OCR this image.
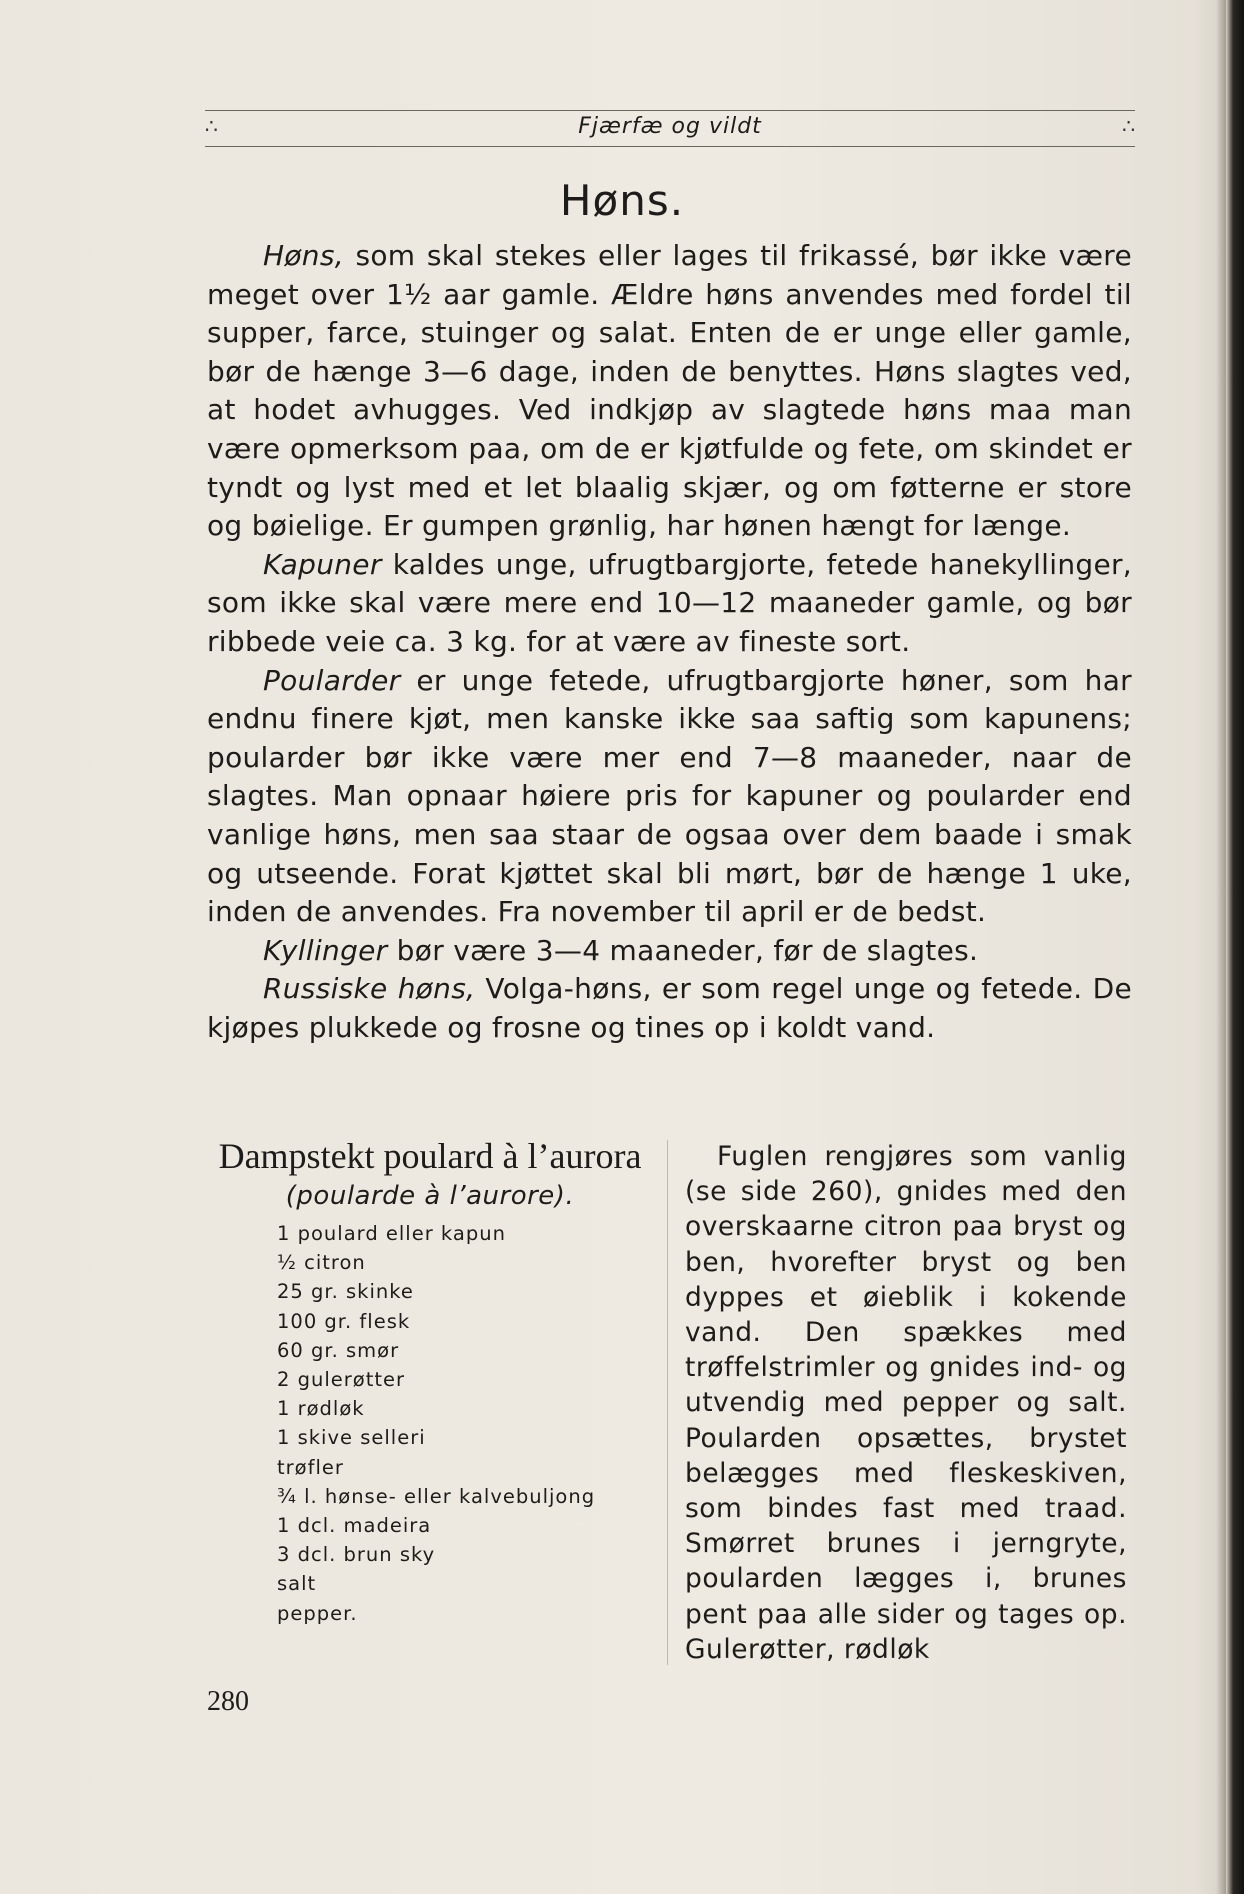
∴	Fjærfæ og vildt	∴
Høns.

Høns, som skal stekes eller lages til frikassé, bør ikke være meget over 1½ aar gamle. Ældre høns anvendes med fordel til supper, farce, stuinger og salat. Enten de er unge eller gamle, bør de hænge 3—6 dage, inden de benyttes. Høns slagtes ved, at hodet avhugges. Ved indkjøp av slagtede høns maa man være opmerksom paa, om de er kjøtfulde og fete, om skindet er tyndt og lyst med et let blaalig skjær, og om føtterne er store og bøielige. Er gumpen grønlig, har hønen hængt for længe.

Kapuner kaldes unge, ufrugtbargjorte, fetede hanekyllinger, som ikke skal være mere end 10—12 maaneder gamle, og bør ribbede veie ca. 3 kg. for at være av fineste sort.

Poularder er unge fetede, ufrugtbargjorte høner, som har endnu finere kjøt, men kanske ikke saa saftig som kapunens; poularder bør ikke være mer end 7—8 maaneder, naar de slagtes. Man opnaar høiere pris for kapuner og poularder end vanlige høns, men saa staar de ogsaa over dem baade i smak og utseende. Forat kjøttet skal bli mørt, bør de hænge 1 uke, inden de anvendes. Fra november til april er de bedst.

Kyllinger bør være 3—4 maaneder, før de slagtes.

Russiske høns, Volga-høns, er som regel unge og fetede. De kjøpes plukkede og frosne og tines op i koldt vand.

Dampstekt poulard à l’aurora
(poularde à l’aurore).
1 poulard eller kapun
½ citron
25 gr. skinke
100 gr. flesk
60 gr. smør
2 gulerøtter
1 rødløk
1 skive selleri
trøfler
¾ l. hønse- eller kalvebuljong
1 dcl. madeira
3 dcl. brun sky
salt
pepper.

Fuglen rengjøres som vanlig (se side 260), gnides med den overskaarne citron paa bryst og ben, hvorefter bryst og ben dyppes et øieblik i kokende vand. Den spækkes med trøffelstrimler og gnides ind- og utvendig med pepper og salt. Poularden opsættes, brystet belægges med fleskeskiven, som bindes fast med traad. Smørret brunes i jerngryte, poularden lægges i, brunes pent paa alle sider og tages op. Gulerøtter, rødløk

280
